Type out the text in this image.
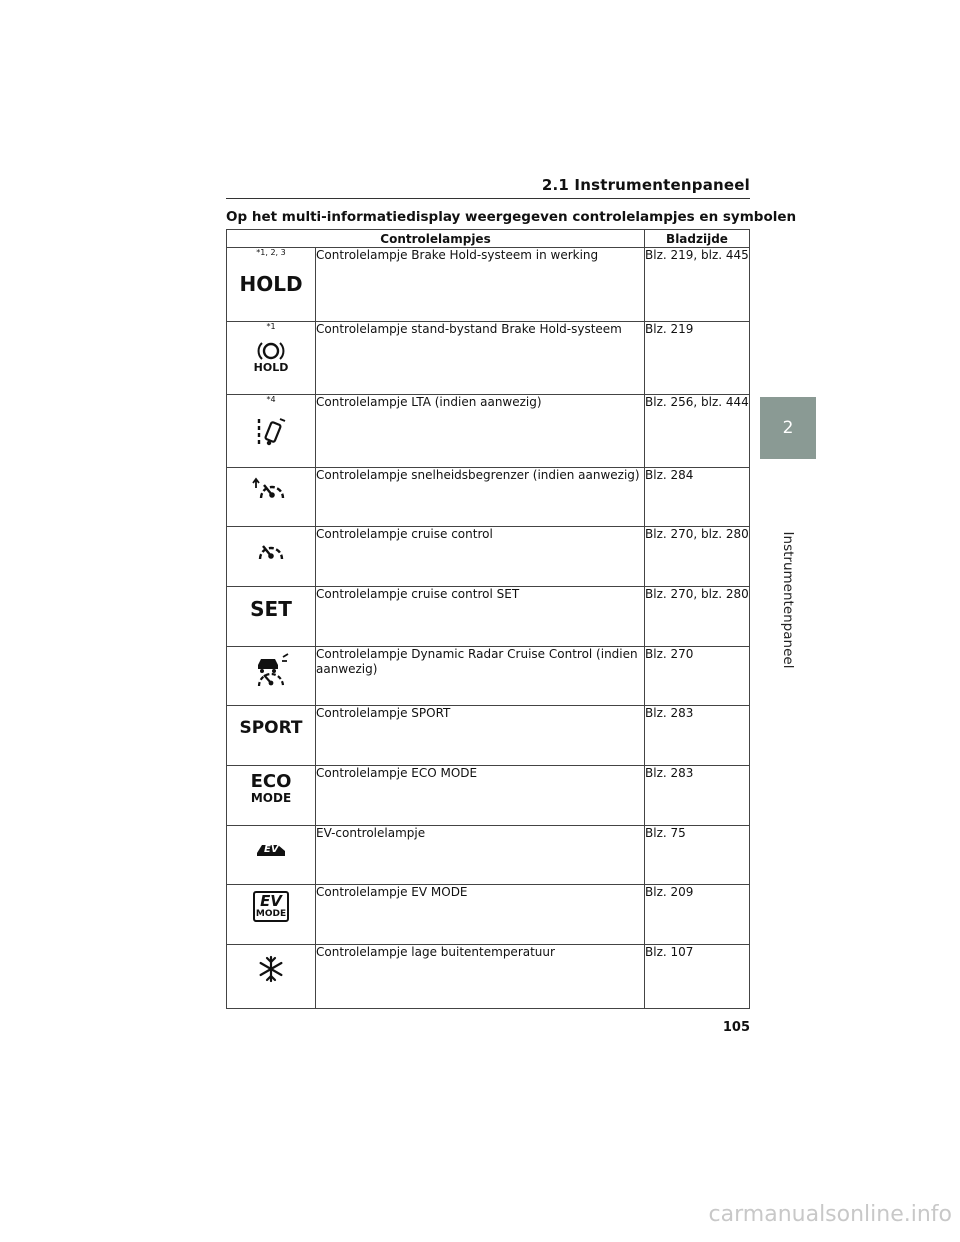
2.1 Instrumentenpaneel
Op het multi-informatiedisplay weergegeven controlelampjes en symbolen
2
Instrumentenpaneel
Controlelampjes		Bladzijde

*1, 2, 3
HOLD	Controlelampje Brake Hold-systeem in werking	Blz. 219, blz. 445

*1
HOLD	Controlelampje stand-bystand Brake Hold-systeem	Blz. 219

*4	Controlelampje LTA (indien aanwezig)	Blz. 256, blz. 444

	Controlelampje snelheidsbegrenzer (indien aanwezig)	Blz. 284

	Controlelampje cruise control	Blz. 270, blz. 280

SET	Controlelampje cruise control SET	Blz. 270, blz. 280

	Controlelampje Dynamic Radar Cruise Control (indien aanwezig)	Blz. 270

SPORT	Controlelampje SPORT	Blz. 283

ECO
MODE	Controlelampje ECO MODE	Blz. 283

EV	EV-controlelampje	Blz. 75

EV
MODE	Controlelampje EV MODE	Blz. 209

	Controlelampje lage buitentemperatuur	Blz. 107
105
carmanualsonline.info
